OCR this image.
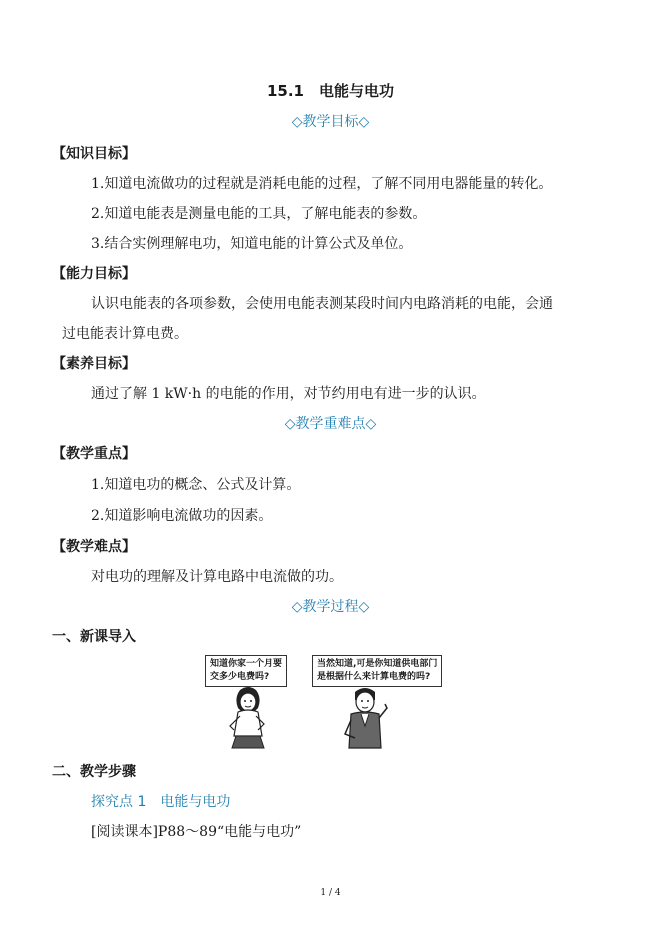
15.1　电能与电功
◇教学目标◇
【知识目标】
1.知道电流做功的过程就是消耗电能的过程，了解不同用电器能量的转化。
2.知道电能表是测量电能的工具，了解电能表的参数。
3.结合实例理解电功，知道电能的计算公式及单位。
【能力目标】
认识电能表的各项参数，会使用电能表测某段时间内电路消耗的电能，会通
过电能表计算电费。
【素养目标】
通过了解 1 kW·h 的电能的作用，对节约用电有进一步的认识。
◇教学重难点◇
【教学重点】
1.知道电功的概念、公式及计算。
2.知道影响电流做功的因素。
【教学难点】
对电功的理解及计算电路中电流做的功。
◇教学过程◇
一、新课导入
知道你家一个月要
交多少电费吗?
当然知道,可是你知道供电部门
是根据什么来计算电费的吗?
二、教学步骤
探究点 1　电能与电功
[阅读课本]P88～89“电能与电功”
1 / 4
